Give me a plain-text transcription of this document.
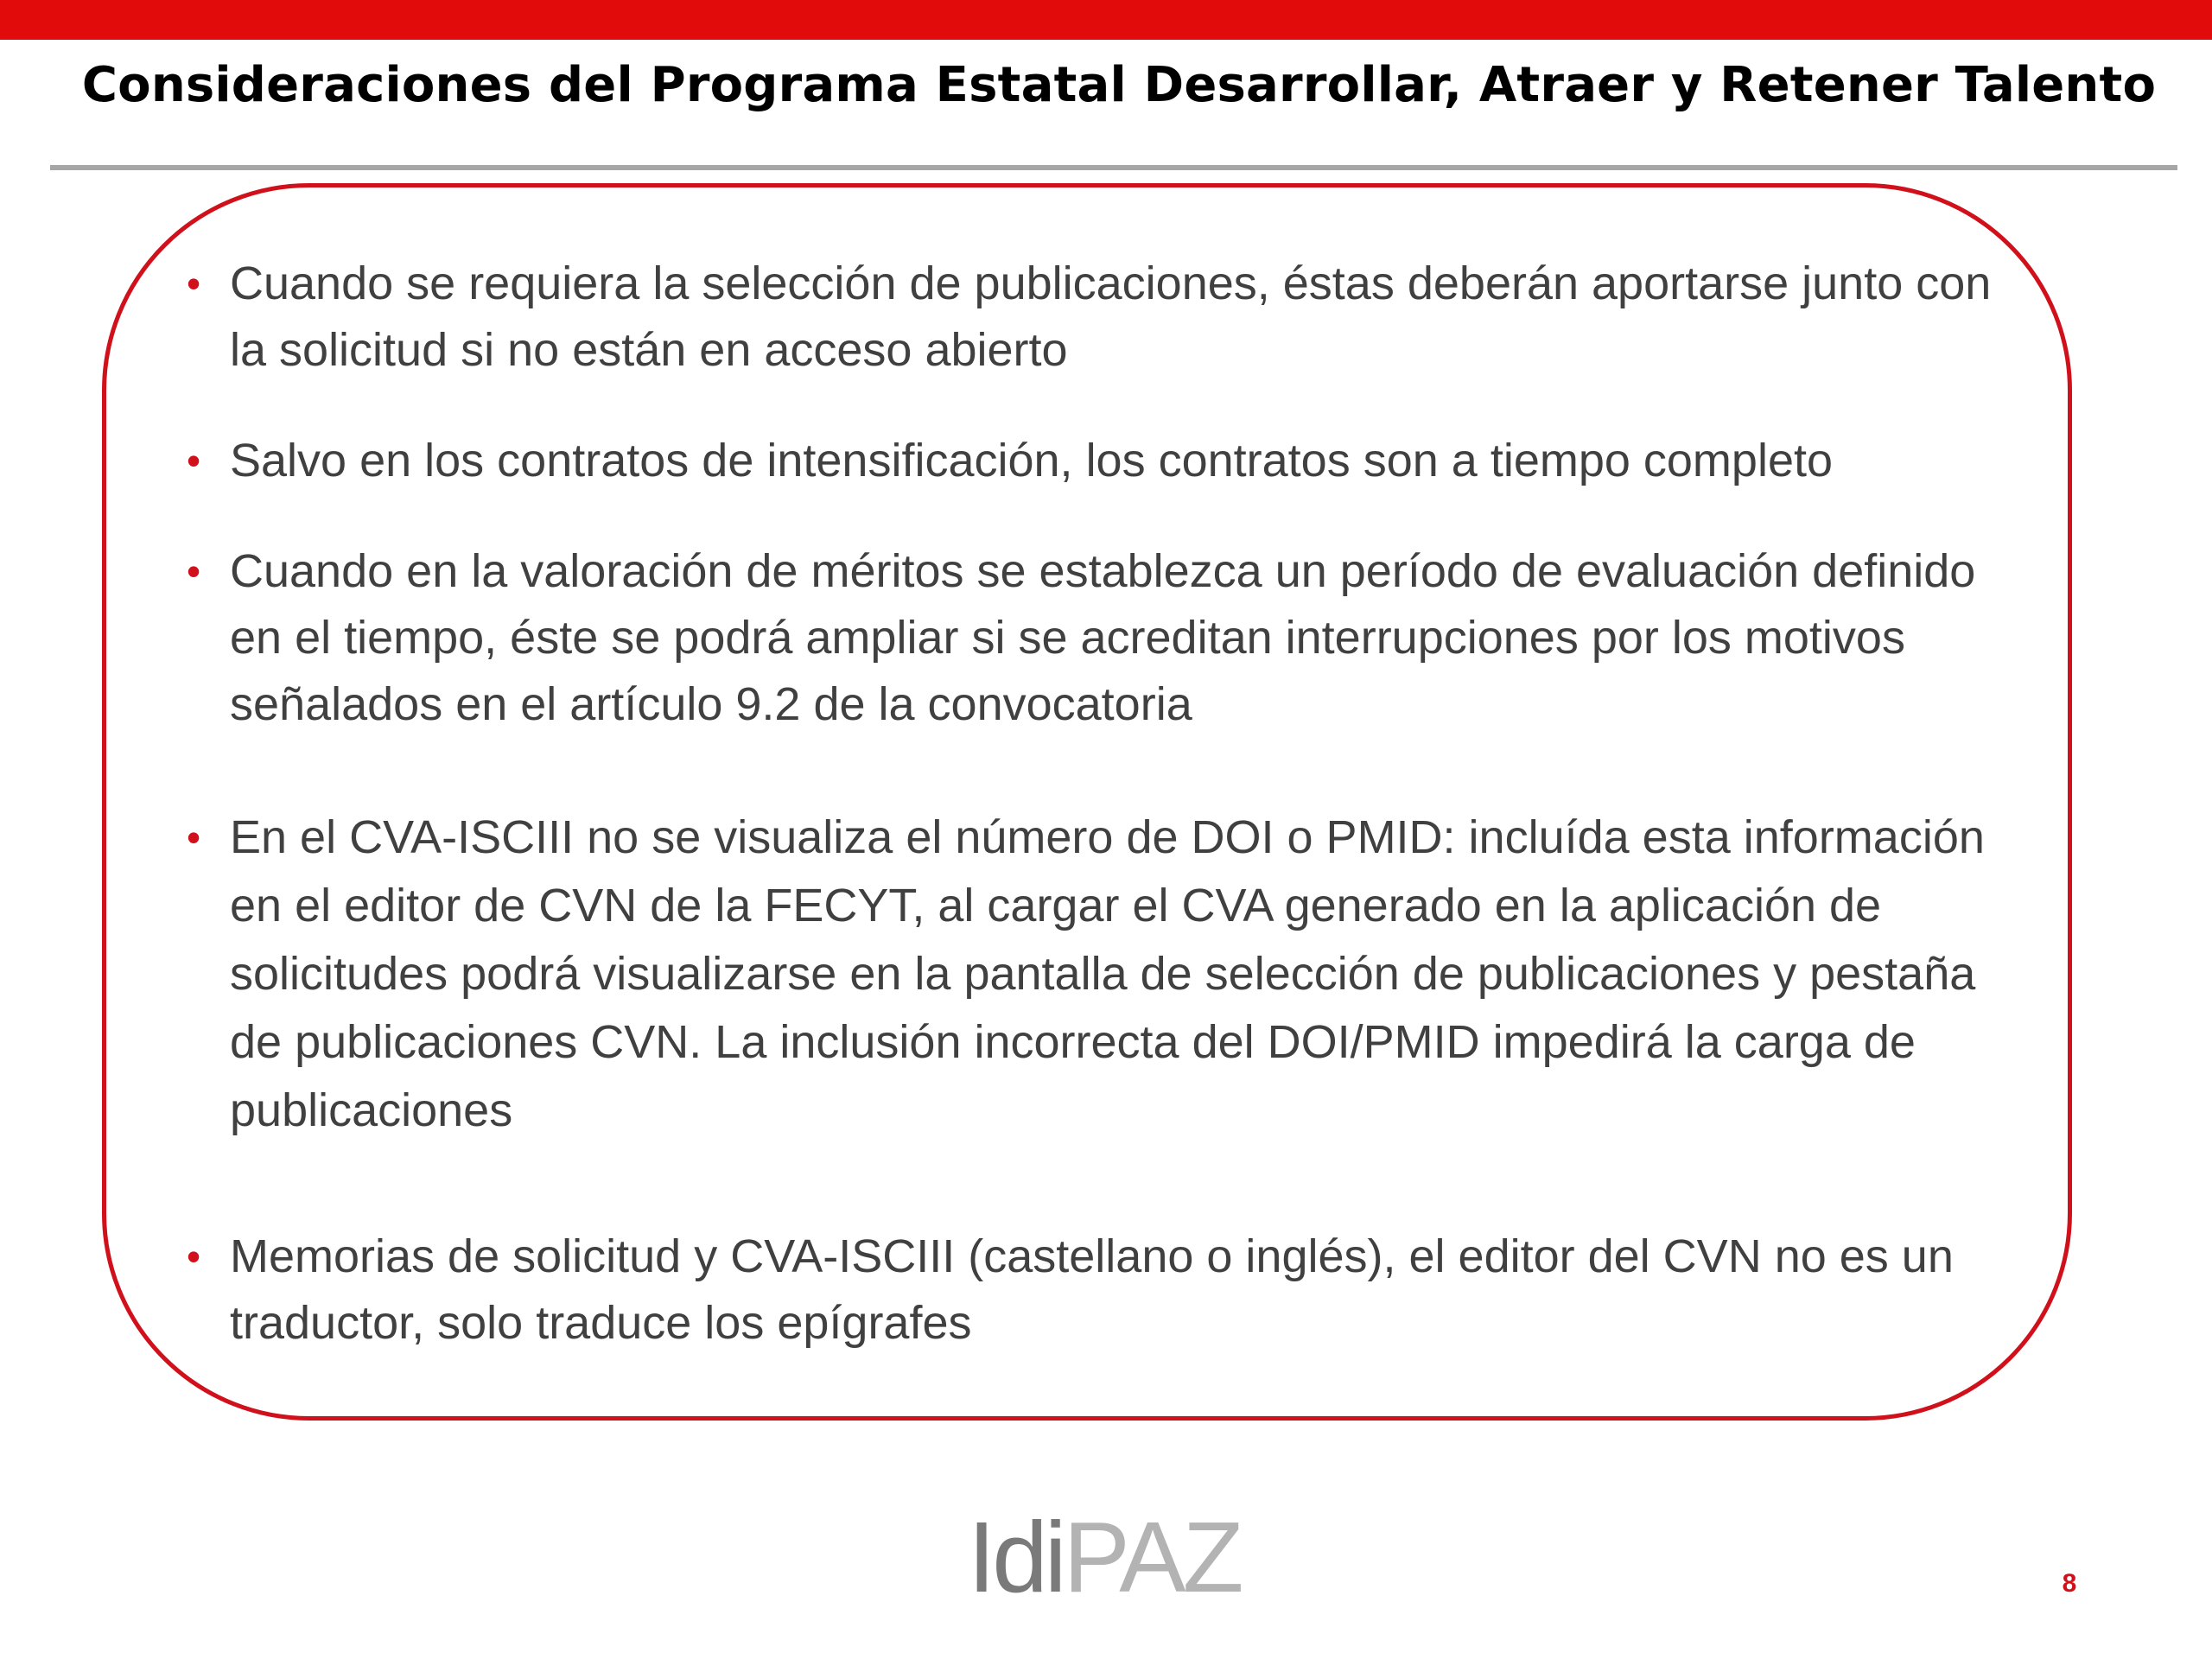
Consideraciones del Programa Estatal Desarrollar, Atraer y Retener Talento
• Cuando se requiera la selección de publicaciones, éstas deberán aportarse junto con la solicitud si no están en acceso abierto
• Salvo en los contratos de intensificación, los contratos son a tiempo completo
• Cuando en la valoración de méritos se establezca un período de evaluación definido en el tiempo, éste se podrá ampliar si se acreditan interrupciones por los motivos señalados en el artículo 9.2 de la convocatoria
• En el CVA-ISCIII no se visualiza el número de DOI o PMID: incluída esta información en el editor de CVN de la FECYT, al cargar el CVA generado en la aplicación de solicitudes podrá visualizarse en la pantalla de selección de publicaciones y pestaña de publicaciones CVN. La inclusión incorrecta del DOI/PMID impedirá la carga de publicaciones
• Memorias de solicitud y CVA-ISCIII (castellano o inglés), el editor del CVN no es un traductor, solo traduce los epígrafes
IdiPAZ	8
